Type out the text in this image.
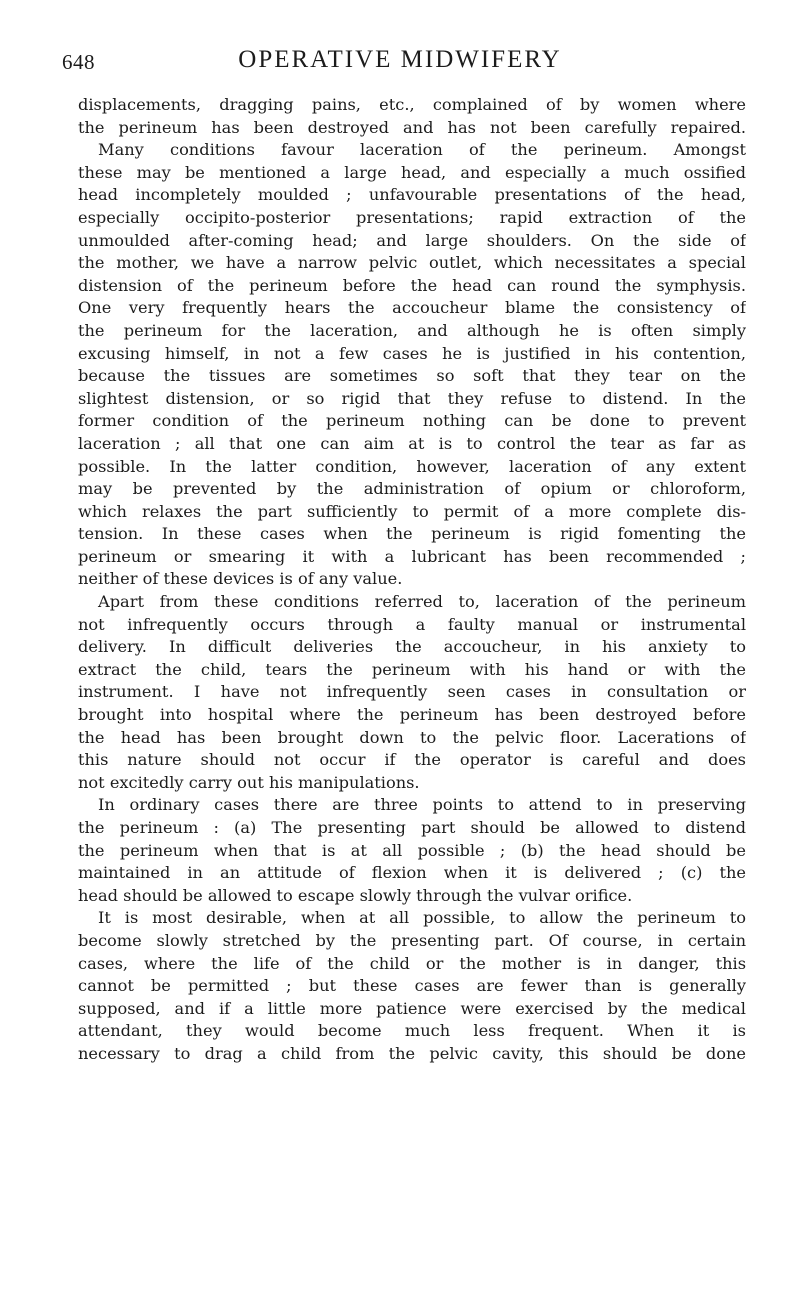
648	OPERATIVE MIDWIFERY
displacements, dragging pains, etc., complained of by women where
the perineum has been destroyed and has not been carefully repaired.
Many conditions favour laceration of the perineum. Amongst
these may be mentioned a large head, and especially a much ossified
head incompletely moulded ; unfavourable presentations of the head,
especially occipito-posterior presentations; rapid extraction of the
unmoulded after-coming head; and large shoulders. On the side of
the mother, we have a narrow pelvic outlet, which necessitates a special
distension of the perineum before the head can round the symphysis.
One very frequently hears the accoucheur blame the consistency of
the perineum for the laceration, and although he is often simply
excusing himself, in not a few cases he is justified in his contention,
because the tissues are sometimes so soft that they tear on the
slightest distension, or so rigid that they refuse to distend. In the
former condition of the perineum nothing can be done to prevent
laceration ; all that one can aim at is to control the tear as far as
possible. In the latter condition, however, laceration of any extent
may be prevented by the administration of opium or chloroform,
which relaxes the part sufficiently to permit of a more complete dis-
tension. In these cases when the perineum is rigid fomenting the
perineum or smearing it with a lubricant has been recommended ;
neither of these devices is of any value.
Apart from these conditions referred to, laceration of the perineum
not infrequently occurs through a faulty manual or instrumental
delivery. In difficult deliveries the accoucheur, in his anxiety to
extract the child, tears the perineum with his hand or with the
instrument. I have not infrequently seen cases in consultation or
brought into hospital where the perineum has been destroyed before
the head has been brought down to the pelvic floor. Lacerations of
this nature should not occur if the operator is careful and does
not excitedly carry out his manipulations.
In ordinary cases there are three points to attend to in preserving
the perineum : (a) The presenting part should be allowed to distend
the perineum when that is at all possible ; (b) the head should be
maintained in an attitude of flexion when it is delivered ; (c) the
head should be allowed to escape slowly through the vulvar orifice.
It is most desirable, when at all possible, to allow the perineum to
become slowly stretched by the presenting part. Of course, in certain
cases, where the life of the child or the mother is in danger, this
cannot be permitted ; but these cases are fewer than is generally
supposed, and if a little more patience were exercised by the medical
attendant, they would become much less frequent. When it is
necessary to drag a child from the pelvic cavity, this should be done
